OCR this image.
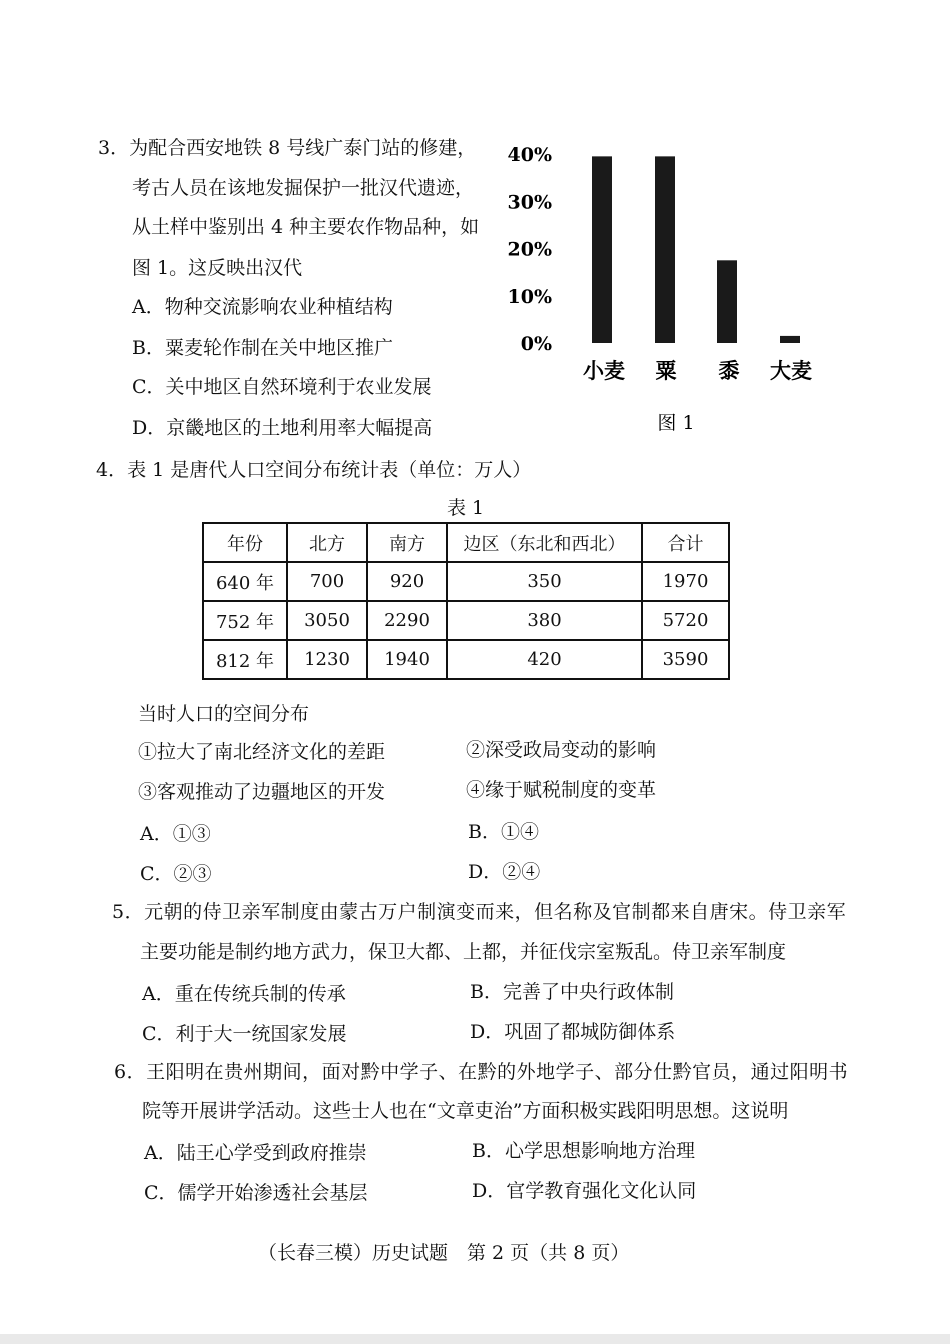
3．为配合西安地铁 8 号线广泰门站的修建，
考古人员在该地发掘保护一批汉代遗迹，
从土样中鉴别出 4 种主要农作物品种，如
图 1。这反映出汉代
A．物种交流影响农业种植结构
B．粟麦轮作制在关中地区推广
C．关中地区自然环境利于农业发展
D．京畿地区的土地利用率大幅提高
40%
30%
20%
10%
0%
小麦 粟 黍 大麦
图 1
4．表 1 是唐代人口空间分布统计表（单位：万人）
表 1
年份	北方	南方	边区（东北和西北）	合计
640 年	700	920	350	1970
752 年	3050	2290	380	5720
812 年	1230	1940	420	3590
当时人口的空间分布
①拉大了南北经济文化的差距	②深受政局变动的影响
③客观推动了边疆地区的开发	④缘于赋税制度的变革
A．①③	B．①④
C．②③	D．②④
5．元朝的侍卫亲军制度由蒙古万户制演变而来，但名称及官制都来自唐宋。侍卫亲军
主要功能是制约地方武力，保卫大都、上都，并征伐宗室叛乱。侍卫亲军制度
A．重在传统兵制的传承	B．完善了中央行政体制
C．利于大一统国家发展	D．巩固了都城防御体系
6．王阳明在贵州期间，面对黔中学子、在黔的外地学子、部分仕黔官员，通过阳明书
院等开展讲学活动。这些士人也在“文章吏治”方面积极实践阳明思想。这说明
A．陆王心学受到政府推崇	B．心学思想影响地方治理
C．儒学开始渗透社会基层	D．官学教育强化文化认同
（长春三模）历史试题　第 2 页（共 8 页）
